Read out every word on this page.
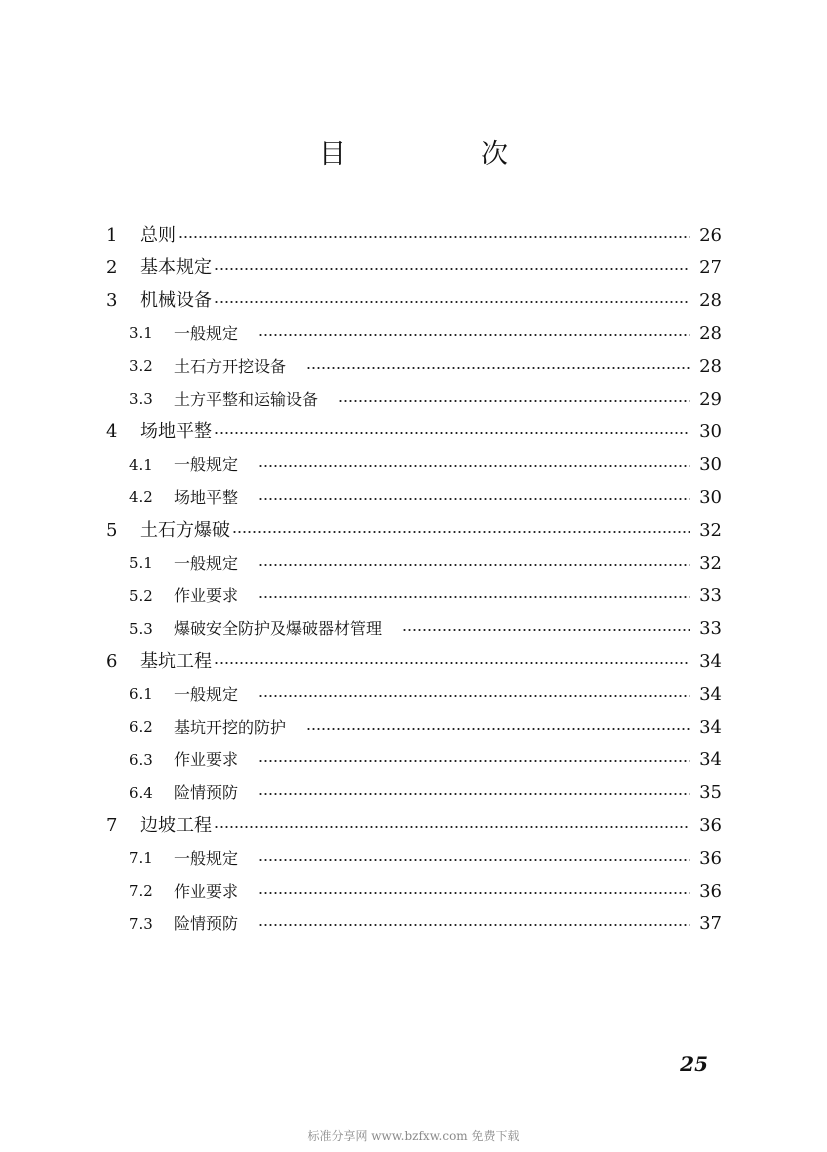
目　次
1	总则	26
2	基本规定	27
3	机械设备	28
3.1	一般规定	28
3.2	土石方开挖设备	28
3.3	土方平整和运输设备	29
4	场地平整	30
4.1	一般规定	30
4.2	场地平整	30
5	土石方爆破	32
5.1	一般规定	32
5.2	作业要求	33
5.3	爆破安全防护及爆破器材管理	33
6	基坑工程	34
6.1	一般规定	34
6.2	基坑开挖的防护	34
6.3	作业要求	34
6.4	险情预防	35
7	边坡工程	36
7.1	一般规定	36
7.2	作业要求	36
7.3	险情预防	37
25
标准分享网 www.bzfxw.com 免费下载
